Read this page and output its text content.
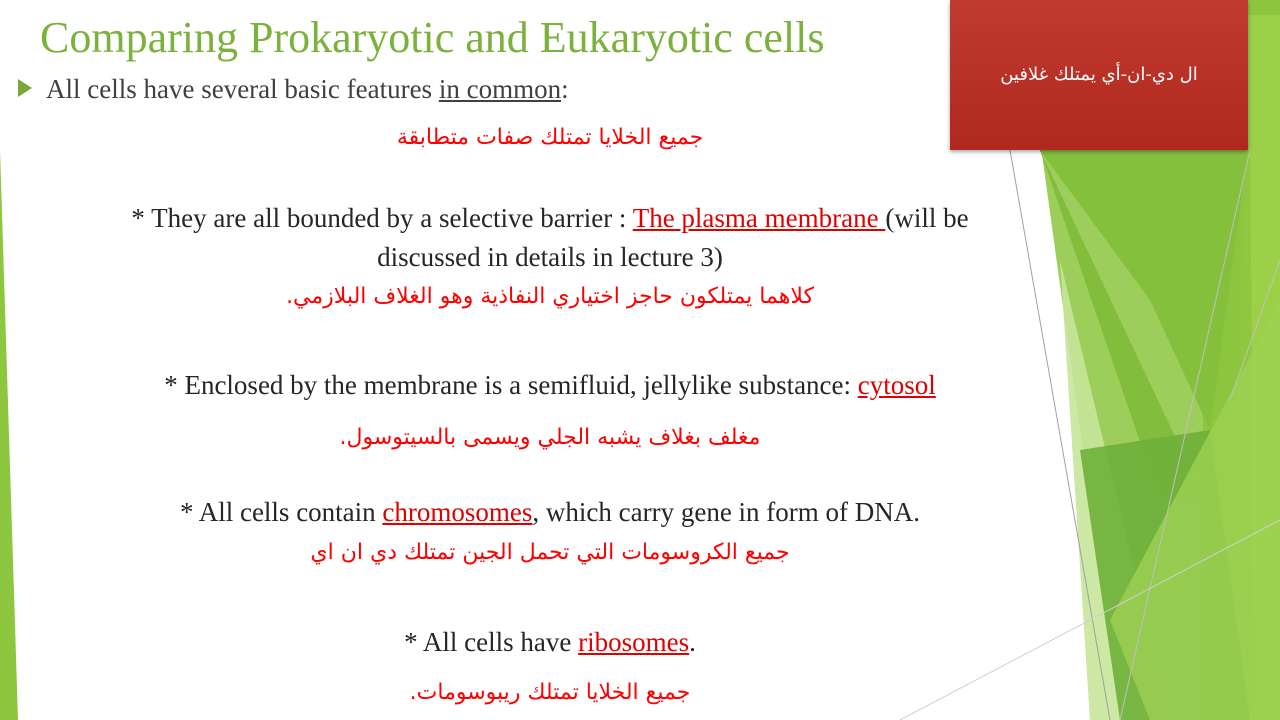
Comparing Prokaryotic and Eukaryotic cells
All cells have several basic features in common:
جميع الخلايا تمتلك صفات متطابقة
* They are all bounded by a selective barrier : The plasma membrane (will be
discussed in details in lecture 3)
كلاهما يمتلكون حاجز اختياري النفاذية وهو الغلاف البلازمي.
* Enclosed by the membrane is a semifluid, jellylike substance: cytosol
مغلف بغلاف يشبه الجلي ويسمى بالسيتوسول.
* All cells contain chromosomes, which carry gene in form of DNA.
جميع الكروسومات التي تحمل الجين تمتلك دي ان اي
* All cells have ribosomes.
جميع الخلايا تمتلك ريبوسومات.
ال دي-ان-أي يمتلك غلافين
